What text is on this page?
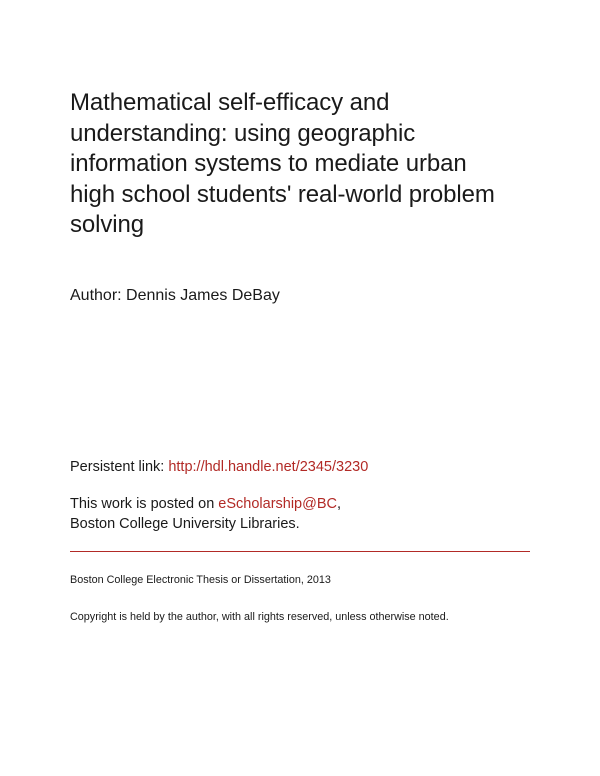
Mathematical self-efficacy and
understanding: using geographic
information systems to mediate urban
high school students' real-world problem
solving
Author: Dennis James DeBay
Persistent link: http://hdl.handle.net/2345/3230
This work is posted on eScholarship@BC,
Boston College University Libraries.
Boston College Electronic Thesis or Dissertation, 2013
Copyright is held by the author, with all rights reserved, unless otherwise noted.
